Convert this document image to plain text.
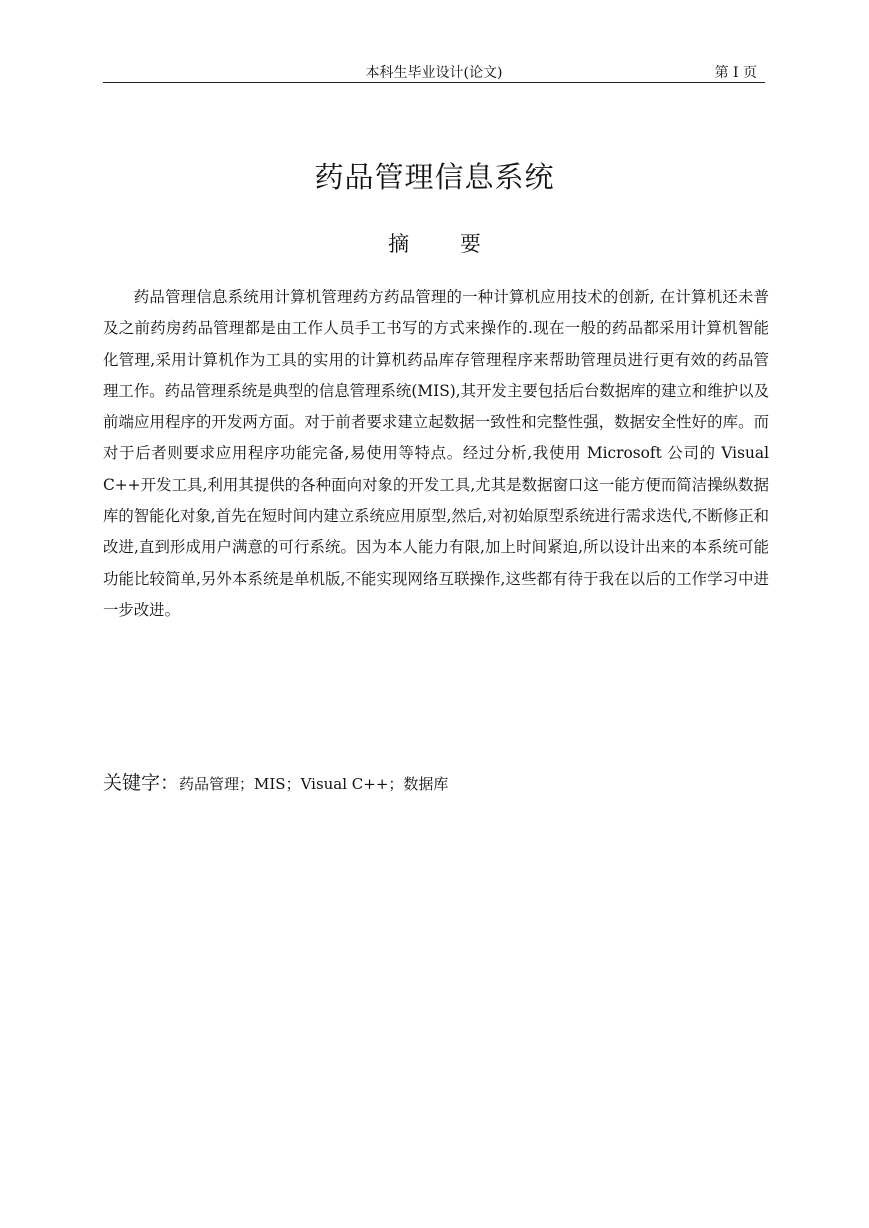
本科生毕业设计(论文)	第 I 页
药品管理信息系统
摘 要

药品管理信息系统用计算机管理药方药品管理的一种计算机应用技术的创新, 在计算机还未普及之前药房药品管理都是由工作人员手工书写的方式来操作的.现在一般的药品都采用计算机智能化管理,采用计算机作为工具的实用的计算机药品库存管理程序来帮助管理员进行更有效的药品管理工作。药品管理系统是典型的信息管理系统(MIS),其开发主要包括后台数据库的建立和维护以及前端应用程序的开发两方面。对于前者要求建立起数据一致性和完整性强，数据安全性好的库。而对于后者则要求应用程序功能完备,易使用等特点。经过分析,我使用 Microsoft 公司的 Visual C++开发工具,利用其提供的各种面向对象的开发工具,尤其是数据窗口这一能方便而简洁操纵数据库的智能化对象,首先在短时间内建立系统应用原型,然后,对初始原型系统进行需求迭代,不断修正和改进,直到形成用户满意的可行系统。因为本人能力有限,加上时间紧迫,所以设计出来的本系统可能功能比较简单,另外本系统是单机版,不能实现网络互联操作,这些都有待于我在以后的工作学习中进一步改进。

关键字：药品管理；MIS；Visual C++；数据库
